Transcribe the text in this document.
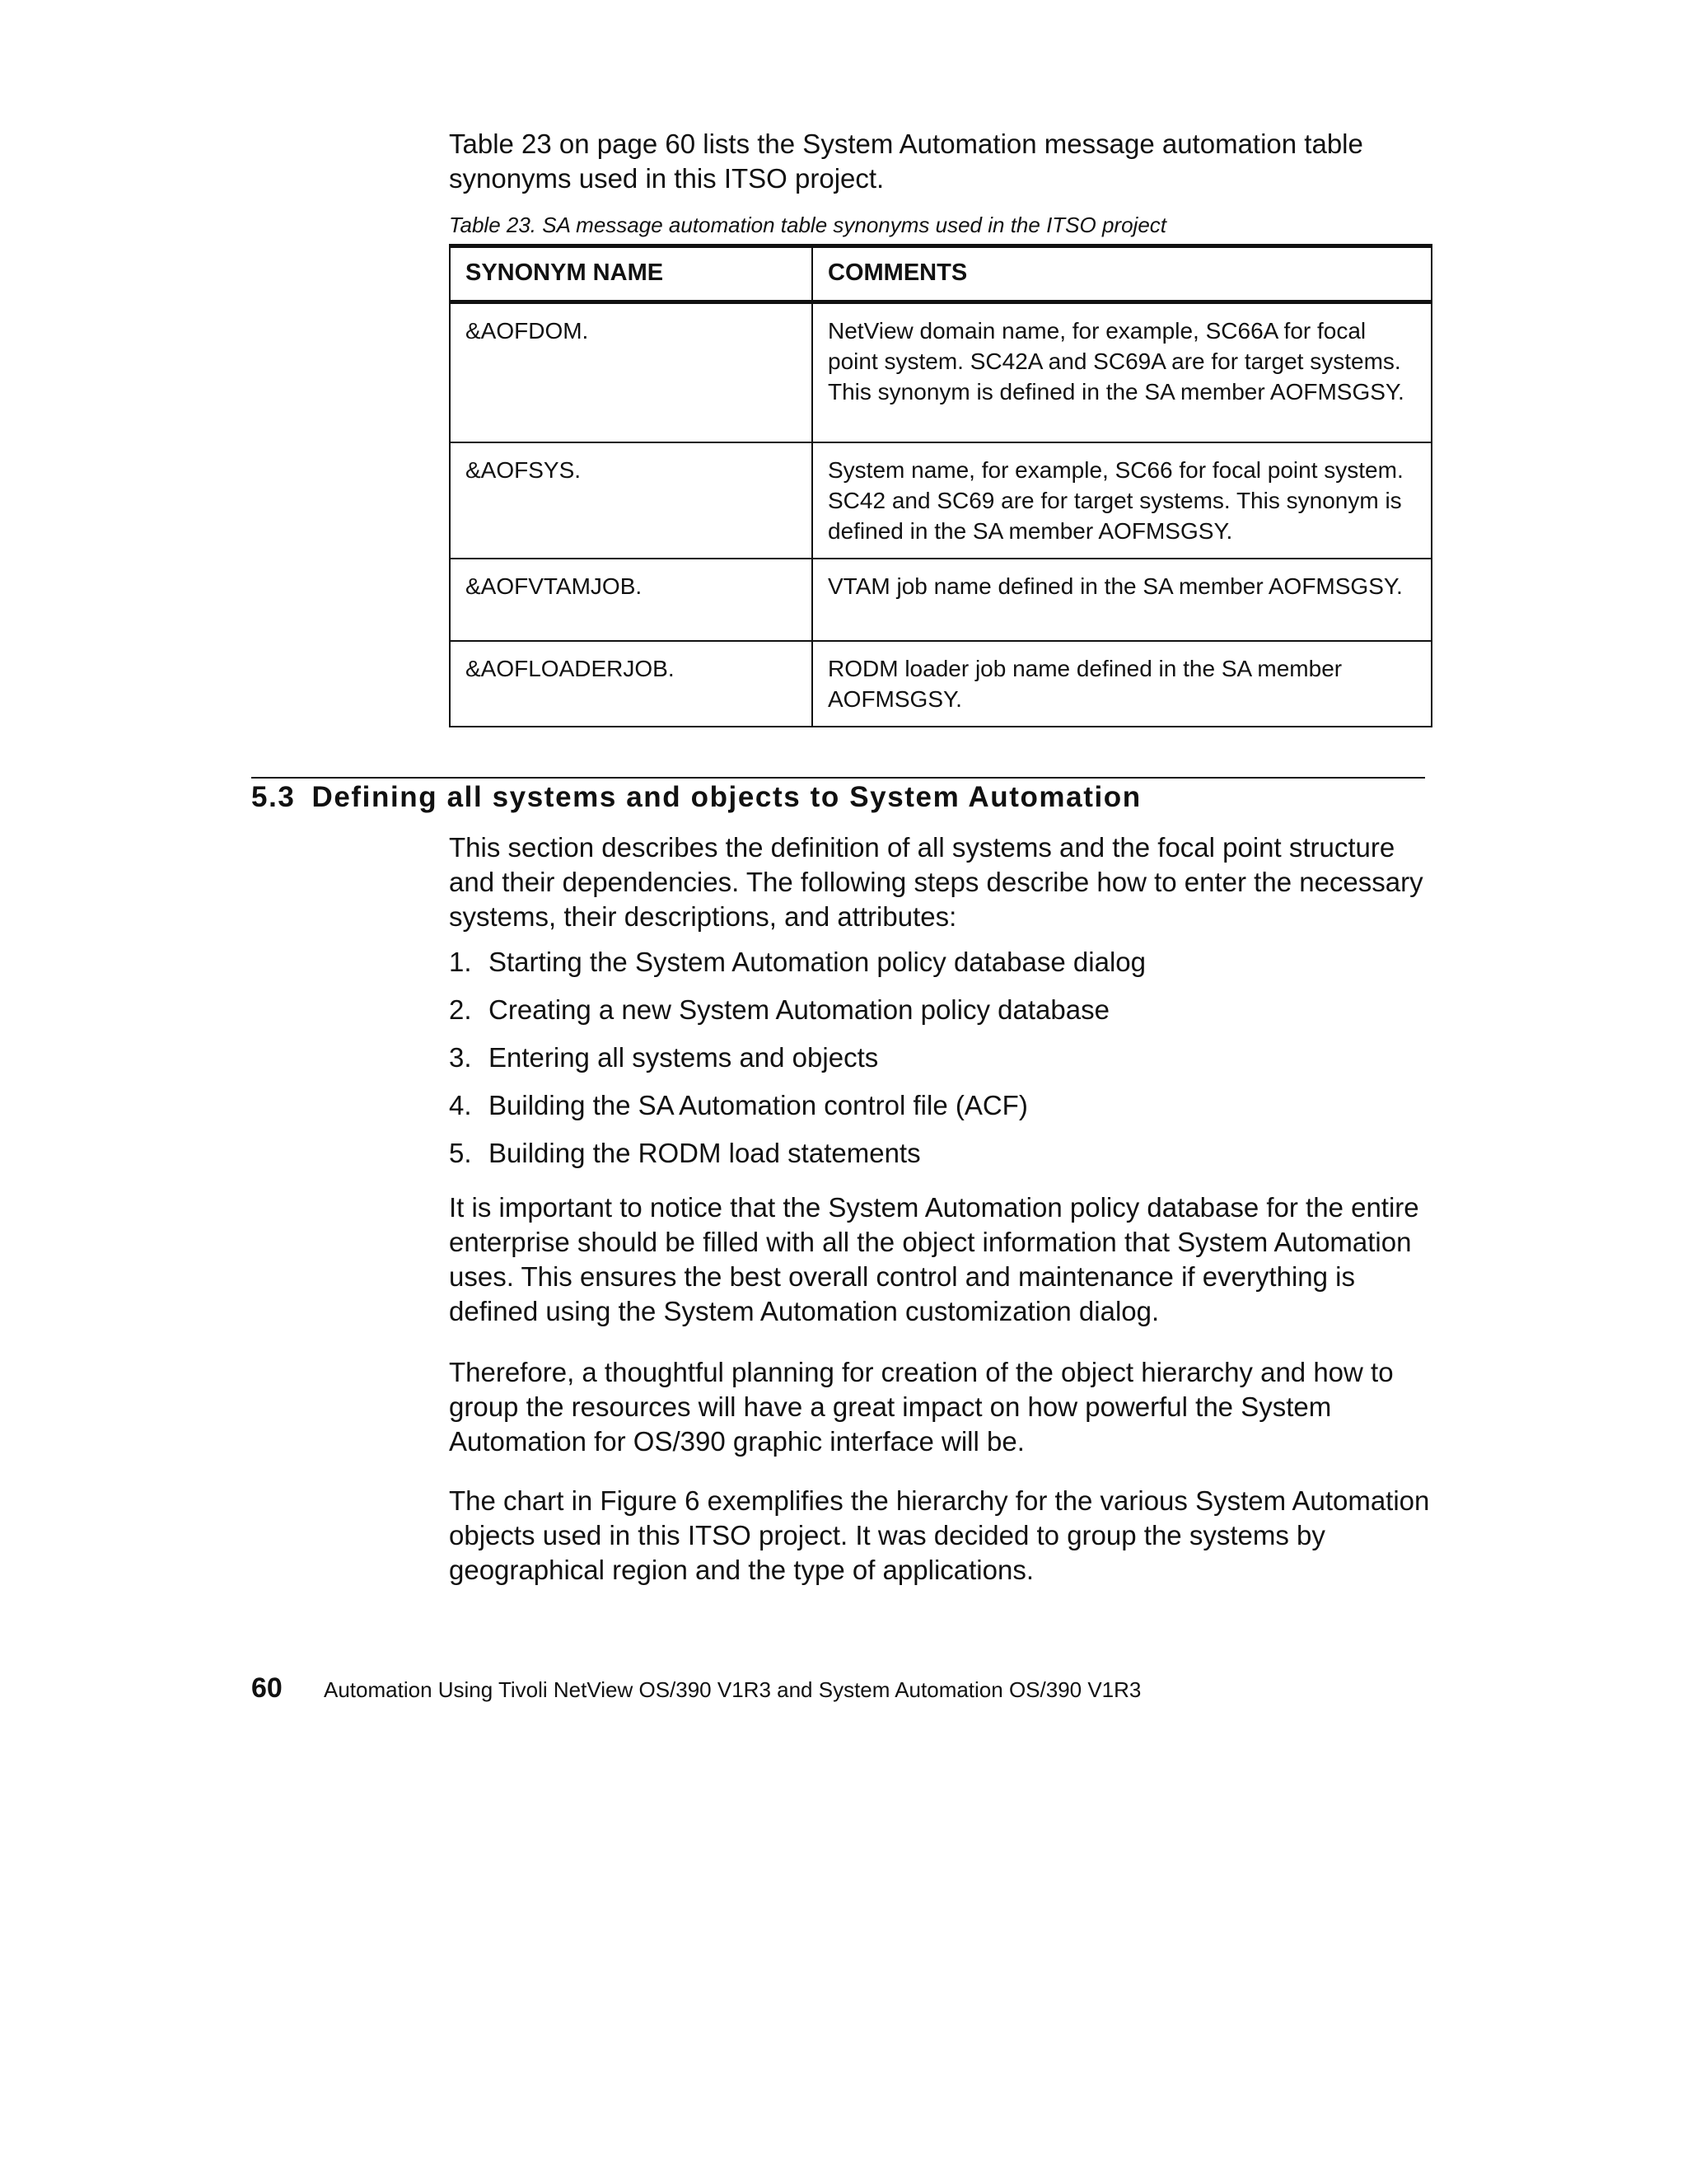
Table 23 on page 60 lists the System Automation message automation table synonyms used in this ITSO project.

Table 23. SA message automation table synonyms used in the ITSO project

SYNONYM NAME	COMMENTS
&AOFDOM.	NetView domain name, for example, SC66A for focal point system. SC42A and SC69A are for target systems. This synonym is defined in the SA member AOFMSGSY.
&AOFSYS.	System name, for example, SC66 for focal point system. SC42 and SC69 are for target systems. This synonym is defined in the SA member AOFMSGSY.
&AOFVTAMJOB.	VTAM job name defined in the SA member AOFMSGSY.
&AOFLOADERJOB.	RODM loader job name defined in the SA member AOFMSGSY.
5.3 Defining all systems and objects to System Automation

This section describes the definition of all systems and the focal point structure and their dependencies. The following steps describe how to enter the necessary systems, their descriptions, and attributes:

1. Starting the System Automation policy database dialog
2. Creating a new System Automation policy database
3. Entering all systems and objects
4. Building the SA Automation control file (ACF)
5. Building the RODM load statements

It is important to notice that the System Automation policy database for the entire enterprise should be filled with all the object information that System Automation uses. This ensures the best overall control and maintenance if everything is defined using the System Automation customization dialog.

Therefore, a thoughtful planning for creation of the object hierarchy and how to group the resources will have a great impact on how powerful the System Automation for OS/390 graphic interface will be.

The chart in Figure 6 exemplifies the hierarchy for the various System Automation objects used in this ITSO project. It was decided to group the systems by geographical region and the type of applications.

60 Automation Using Tivoli NetView OS/390 V1R3 and System Automation OS/390 V1R3
